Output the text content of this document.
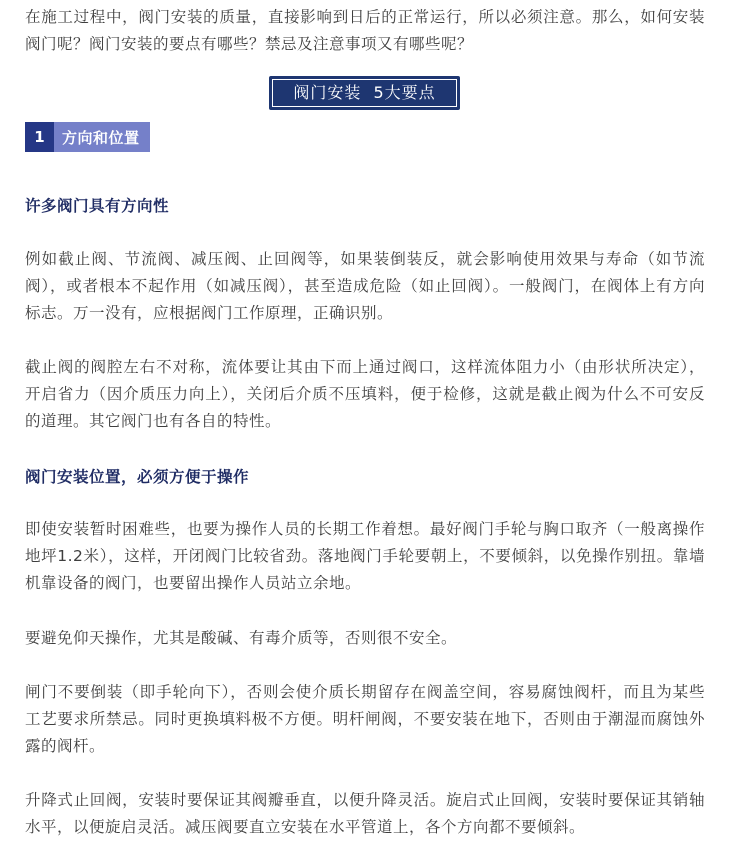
在施工过程中，阀门安装的质量，直接影响到日后的正常运行，所以必须注意。那么，如何安装阀门呢？阀门安装的要点有哪些？禁忌及注意事项又有哪些呢？

阀门安装  5大要点
1	方向和位置
许多阀门具有方向性

例如截止阀、节流阀、减压阀、止回阀等，如果装倒装反，就会影响使用效果与寿命（如节流阀），或者根本不起作用（如减压阀），甚至造成危险（如止回阀）。一般阀门，在阀体上有方向标志。万一没有，应根据阀门工作原理，正确识别。

截止阀的阀腔左右不对称，流体要让其由下而上通过阀口，这样流体阻力小（由形状所决定），开启省力（因介质压力向上），关闭后介质不压填料，便于检修，这就是截止阀为什么不可安反的道理。其它阀门也有各自的特性。

阀门安装位置，必须方便于操作

即使安装暂时困难些，也要为操作人员的长期工作着想。最好阀门手轮与胸口取齐（一般离操作地坪1.2米），这样，开闭阀门比较省劲。落地阀门手轮要朝上，不要倾斜，以免操作别扭。靠墙机靠设备的阀门，也要留出操作人员站立余地。

要避免仰天操作，尤其是酸碱、有毒介质等，否则很不安全。

闸门不要倒装（即手轮向下），否则会使介质长期留存在阀盖空间，容易腐蚀阀杆，而且为某些工艺要求所禁忌。同时更换填料极不方便。明杆闸阀，不要安装在地下，否则由于潮湿而腐蚀外露的阀杆。

升降式止回阀，安装时要保证其阀瓣垂直，以便升降灵活。旋启式止回阀，安装时要保证其销轴水平，以便旋启灵活。减压阀要直立安装在水平管道上，各个方向都不要倾斜。
